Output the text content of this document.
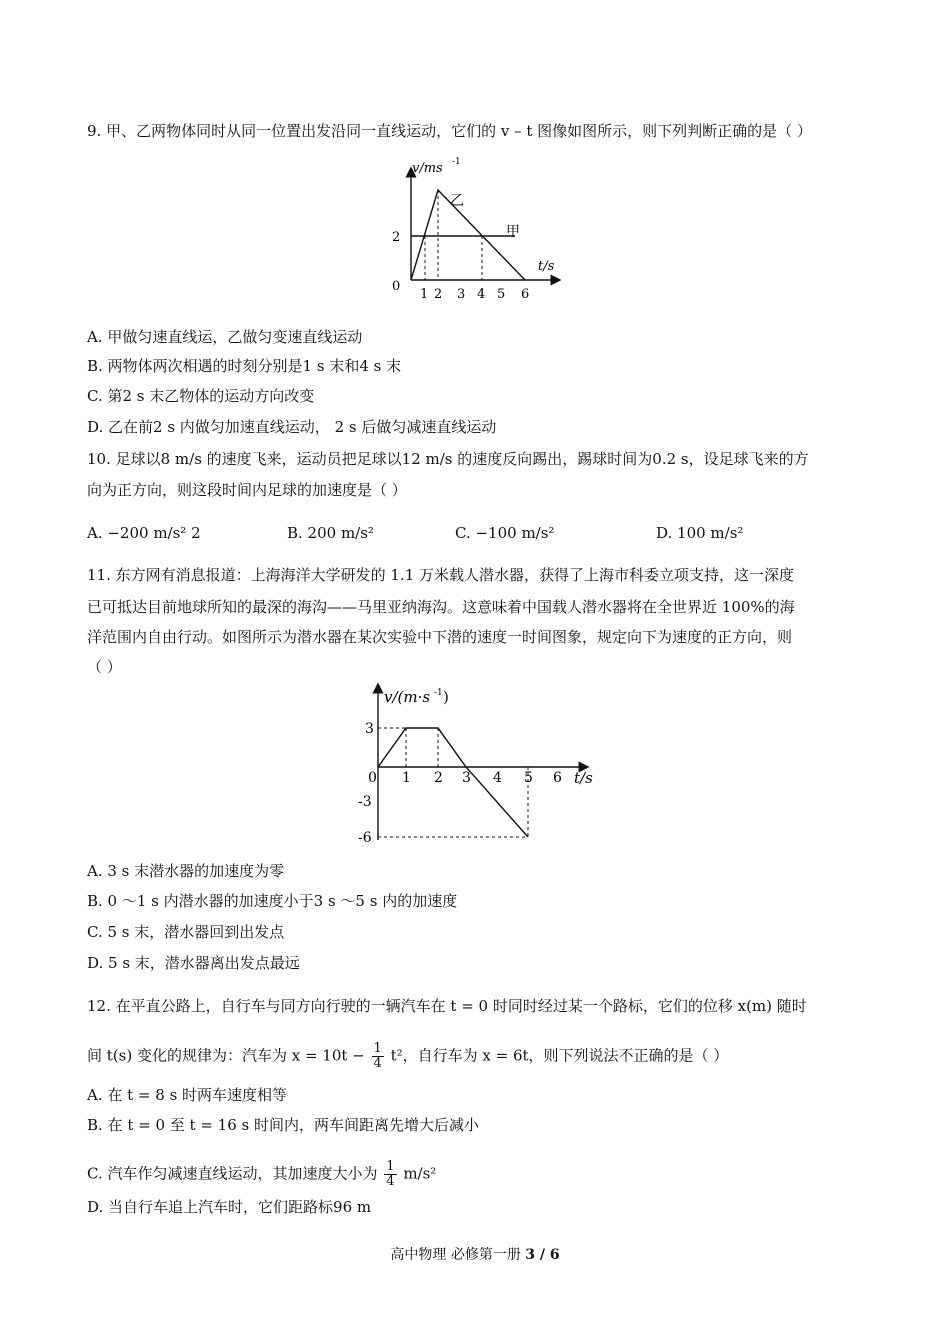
9. 甲、乙两物体同时从同一位置出发沿同一直线运动，它们的 v – t 图像如图所示，则下列判断正确的是（ ）
v/ms -1
t/s
2
0
1 2 3 4 5 6
乙
甲
A. 甲做匀速直线运，乙做匀变速直线运动
B. 两物体两次相遇的时刻分别是1 s 末和4 s 末
C. 第2 s 末乙物体的运动方向改变
D. 乙在前2 s 内做匀加速直线运动， 2 s 后做匀减速直线运动
10. 足球以8 m/s 的速度飞来，运动员把足球以12 m/s 的速度反向踢出，踢球时间为0.2 s，设足球飞来的方
向为正方向，则这段时间内足球的加速度是（ ）
A. −200 m/s² 2	B. 200 m/s²	C. −100 m/s²	D. 100 m/s²
11. 东方网有消息报道：上海海洋大学研发的 1.1 万米载人潜水器，获得了上海市科委立项支持，这一深度
已可抵达目前地球所知的最深的海沟——马里亚纳海沟。这意味着中国载人潜水器将在全世界近 100%的海
洋范围内自由行动。如图所示为潜水器在某次实验中下潜的速度一时间图象，规定向下为速度的正方向，则
（ ）
v/(m·s -1 )
t/s
3
-3
-6
0 1 2 3 4 5 6
A. 3 s 末潜水器的加速度为零
B. 0 ～1 s 内潜水器的加速度小于3 s ～5 s 内的加速度
C. 5 s 末，潜水器回到出发点
D. 5 s 末，潜水器离出发点最远
12. 在平直公路上，自行车与同方向行驶的一辆汽车在 t = 0 时同时经过某一个路标，它们的位移 x(m) 随时
间 t(s) 变化的规律为：汽车为 $x = 10t - \frac{1}{4} t^2$，自行车为 x = 6t，则下列说法不正确的是（ ）
A. 在 t = 8 s 时两车速度相等
B. 在 t = 0 至 t = 16 s 时间内，两车间距离先增大后减小
C. 汽车作匀减速直线运动，其加速度大小为 $\frac{1}{4} m/s^2$
D. 当自行车追上汽车时，它们距路标96 m
高中物理 必修第一册 3 / 6
